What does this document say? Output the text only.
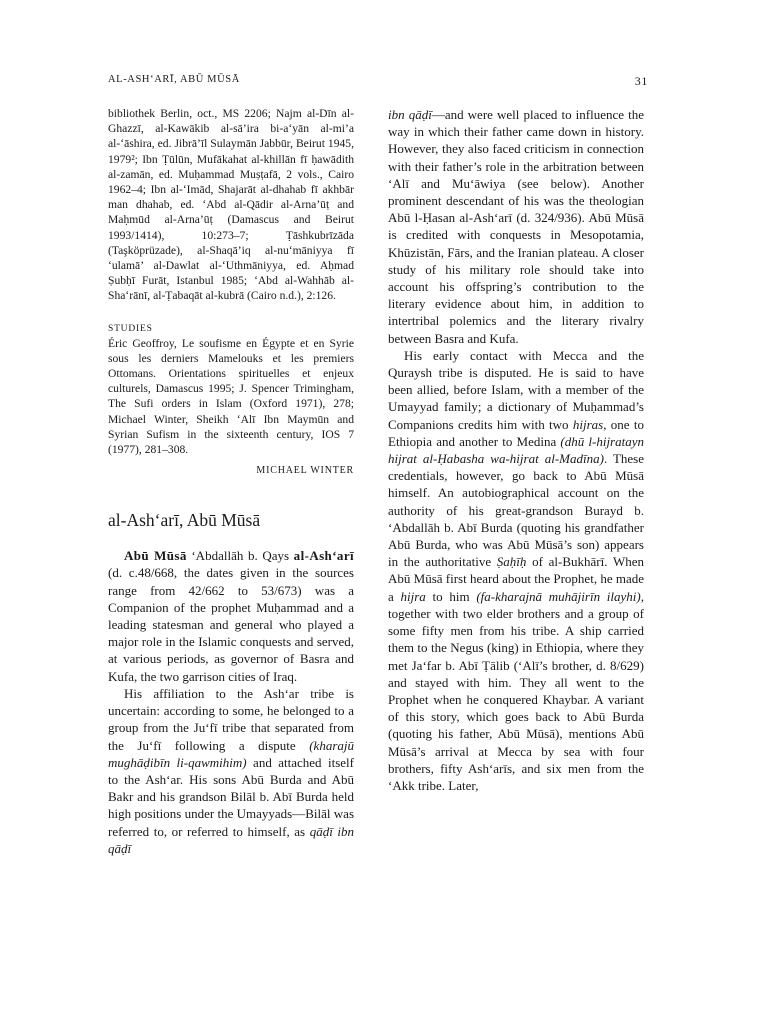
AL-ASH‘ARĪ, ABŪ MŪSĀ	31

bibliothek Berlin, oct., MS 2206; Najm al-Dīn al-Ghazzī, al-Kawākib al-sā’ira bi-a‘yān al-mi’a al-‘āshira, ed. Jibrā’īl Sulaymān Jabbūr, Beirut 1945, 1979²; Ibn Ṭūlūn, Mufākahat al-khillān fī ḥawādith al-zamān, ed. Muḥammad Muṣṭafā, 2 vols., Cairo 1962–4; Ibn al-‘Imād, Shajarāt al-dhahab fī akhbār man dhahab, ed. ‘Abd al-Qādir al-Arna’ūṭ and Maḥmūd al-Arna’ūṭ (Damascus and Beirut 1993/1414), 10:273–7; Ṭāshkubrīzāda (Taşköprüzade), al-Shaqā’iq al-nu‘māniyya fī ‘ulamā’ al-Dawlat al-‘Uthmāniyya, ed. Aḥmad Ṣubḥī Furāt, Istanbul 1985; ‘Abd al-Wahhāb al-Sha‘rānī, al-Ṭabaqāt al-kubrā (Cairo n.d.), 2:126.

STUDIES

Éric Geoffroy, Le soufisme en Égypte et en Syrie sous les derniers Mamelouks et les premiers Ottomans. Orientations spirituelles et enjeux culturels, Damascus 1995; J. Spencer Trimingham, The Sufi orders in Islam (Oxford 1971), 278; Michael Winter, Sheikh ‘Alī Ibn Maymūn and Syrian Sufism in the sixteenth century, IOS 7 (1977), 281–308.

MICHAEL WINTER
al-Ash‘arī, Abū Mūsā

Abū Mūsā ‘Abdallāh b. Qays al-Ash‘arī (d. c.48/668, the dates given in the sources range from 42/662 to 53/673) was a Companion of the prophet Muḥammad and a leading statesman and general who played a major role in the Islamic conquests and served, at various periods, as governor of Basra and Kufa, the two garrison cities of Iraq.

His affiliation to the Ash‘ar tribe is uncertain: according to some, he belonged to a group from the Ju‘fī tribe that separated from the Ju‘fī following a dispute (kharajū mughāḍibīn li-qawmihim) and attached itself to the Ash‘ar. His sons Abū Burda and Abū Bakr and his grandson Bilāl b. Abī Burda held high positions under the Umayyads—Bilāl was referred to, or referred to himself, as qāḍī ibn qāḍī

ibn qāḍī—and were well placed to influence the way in which their father came down in history. However, they also faced criticism in connection with their father’s role in the arbitration between ‘Alī and Mu‘āwiya (see below). Another prominent descendant of his was the theologian Abū l-Ḥasan al-Ash‘arī (d. 324/936). Abū Mūsā is credited with conquests in Mesopotamia, Khūzistān, Fārs, and the Iranian plateau. A closer study of his military role should take into account his offspring’s contribution to the literary evidence about him, in addition to intertribal polemics and the literary rivalry between Basra and Kufa.

His early contact with Mecca and the Quraysh tribe is disputed. He is said to have been allied, before Islam, with a member of the Umayyad family; a dictionary of Muḥammad’s Companions credits him with two hijras, one to Ethiopia and another to Medina (dhū l-hijratayn hijrat al-Ḥabasha wa-hijrat al-Madīna). These credentials, however, go back to Abū Mūsā himself. An autobiographical account on the authority of his great-grandson Burayd b. ‘Abdallāh b. Abī Burda (quoting his grandfather Abū Burda, who was Abū Mūsā’s son) appears in the authoritative Ṣaḥīḥ of al-Bukhārī. When Abū Mūsā first heard about the Prophet, he made a hijra to him (fa-kharajnā muhājirīn ilayhi), together with two elder brothers and a group of some fifty men from his tribe. A ship carried them to the Negus (king) in Ethiopia, where they met Ja‘far b. Abī Ṭālib (‘Alī’s brother, d. 8/629) and stayed with him. They all went to the Prophet when he conquered Khaybar. A variant of this story, which goes back to Abū Burda (quoting his father, Abū Mūsā), mentions Abū Mūsā’s arrival at Mecca by sea with four brothers, fifty Ash‘arīs, and six men from the ‘Akk tribe. Later,
